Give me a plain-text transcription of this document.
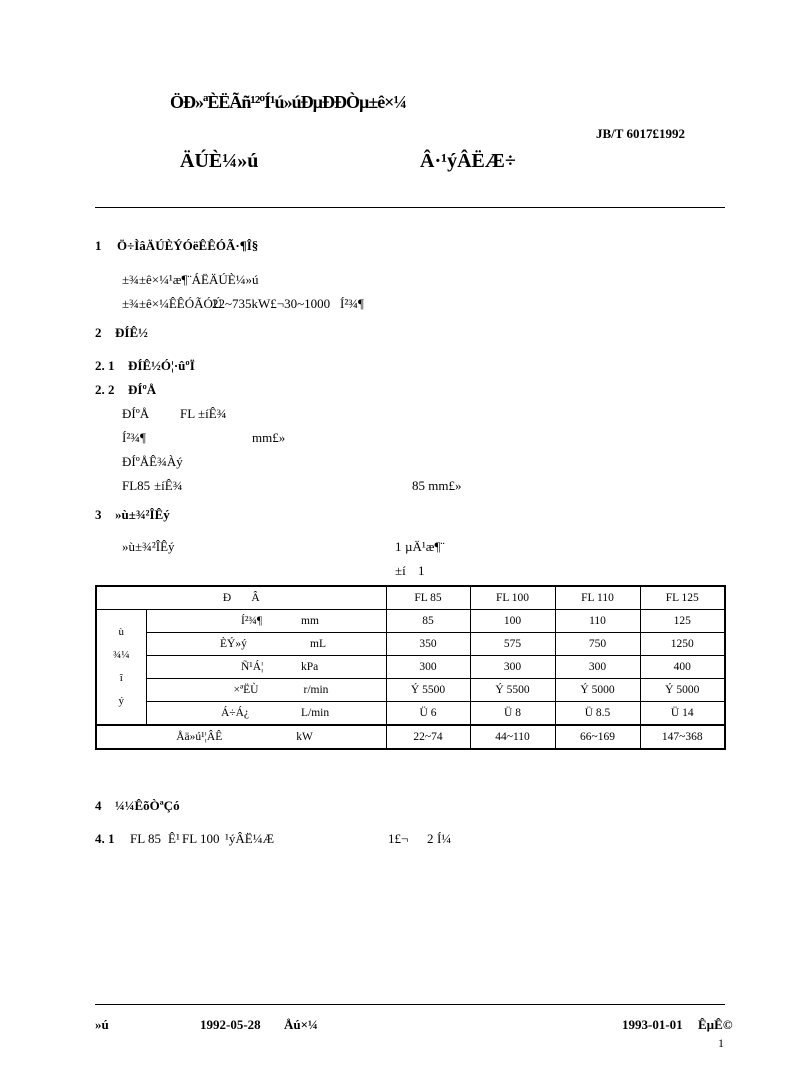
ÖÐ»ªÈËÃñ¹²ºÍ¹ú»úÐµÐÐÒµ±ê×¼
JB/T 6017£1992
ÄÚÈ¼»ú	Â·¹ýÂËÆ÷
1 Ö÷ÌâÄÚÈÝÓëÊÊÓÃ·¶Î§
±¾±ê×¼¹æ¶¨ÁËÄÚÈ¼»ú
±¾±ê×¼ÊÊÓÃÓÚ
22~735kW£¬30~1000 Í²¾¶
2 ÐÍÊ½
2. 1 ÐÍÊ½Ó¦·ûºÏ
2. 2 ÐÍºÅ
ÐÍºÅ FL ±íÊ¾
Í²¾¶	mm£»
ÐÍºÅÊ¾Àý
FL85 ±íÊ¾	85 mm£»
3 »ù±¾²ÎÊý
»ù±¾²ÎÊý	1 µÄ¹æ¶¨
±í 1
Ð Â		FL 85	FL 100	FL 110	FL 125
ù
¾¼
î
ý	Í²¾¶ mm	85	100	110	125
	ÈÝ»ý mL	350	575	750	1250
	Ñ¹Á¦ kPa	300	300	300	400
	×ªËÙ r/min	Ý 5500	Ý 5500	Ý 5000	Ý 5000
	Á÷Á¿ L/min	Ü 6	Ü 8	Ü 8.5	Ü 14
Åä»ú¹¦ÂÊ kW		22~74	44~110	66~169	147~368
4 ¼¼ÊõÒªÇó
4. 1 FL 85 Ê¹ FL 100 ¹ýÂË¼Æ	1£¬ 2 Í¼
»ú	1992-05-28 Åú×¼	1993-01-01 ÊµÊ©
1
